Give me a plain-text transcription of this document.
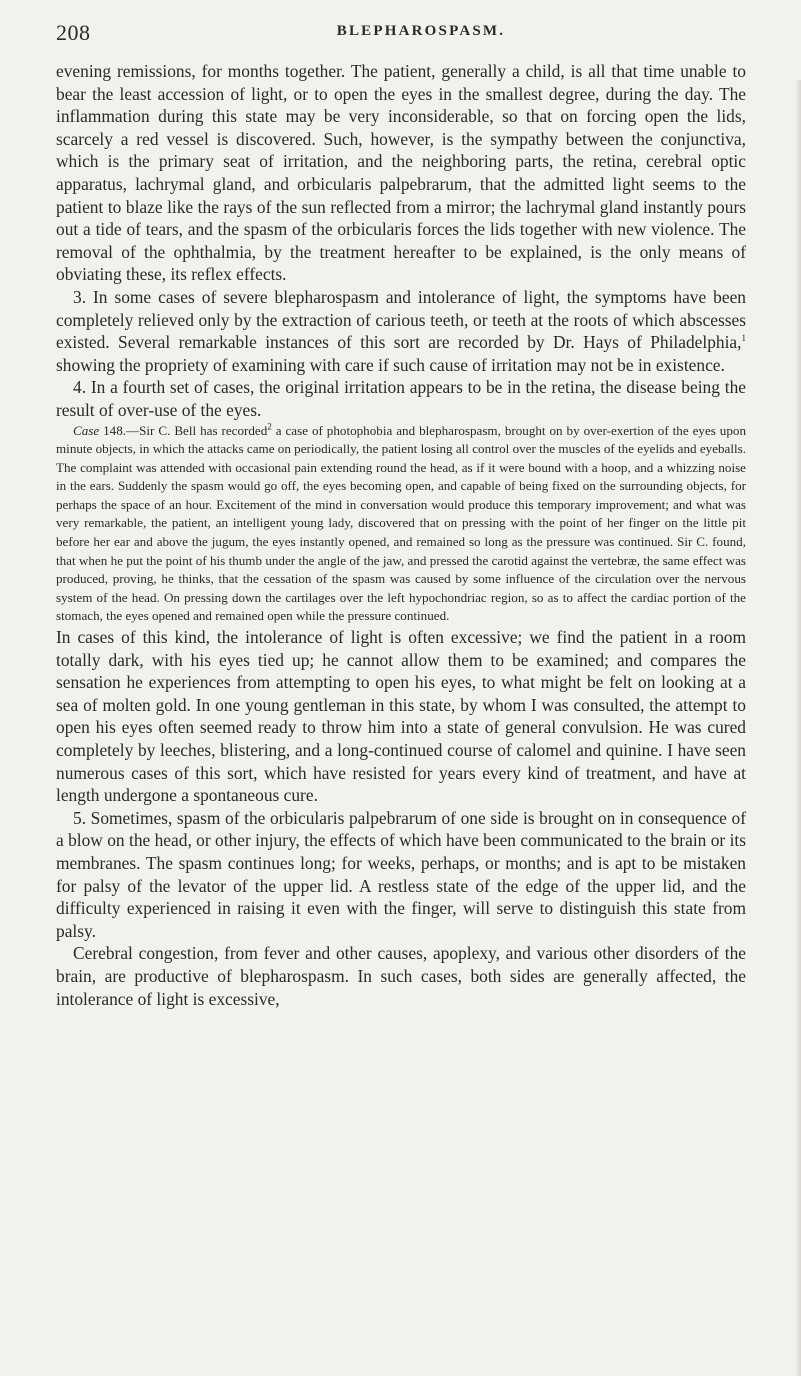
208	BLEPHAROSPASM.

evening remissions, for months together. The patient, generally a child, is all that time unable to bear the least accession of light, or to open the eyes in the smallest degree, during the day. The inflammation during this state may be very inconsiderable, so that on forcing open the lids, scarcely a red vessel is discovered. Such, however, is the sympathy between the conjunctiva, which is the primary seat of irritation, and the neighboring parts, the retina, cerebral optic apparatus, lachrymal gland, and orbicularis palpebrarum, that the admitted light seems to the patient to blaze like the rays of the sun reflected from a mirror; the lachrymal gland instantly pours out a tide of tears, and the spasm of the orbicularis forces the lids together with new violence. The removal of the ophthalmia, by the treatment hereafter to be explained, is the only means of obviating these, its reflex effects.

3. In some cases of severe blepharospasm and intolerance of light, the symptoms have been completely relieved only by the extraction of carious teeth, or teeth at the roots of which abscesses existed. Several remarkable instances of this sort are recorded by Dr. Hays of Philadelphia,$^1$ showing the propriety of examining with care if such cause of irritation may not be in existence.

4. In a fourth set of cases, the original irritation appears to be in the retina, the disease being the result of over-use of the eyes.

Case 148.—Sir C. Bell has recorded$^2$ a case of photophobia and blepharospasm, brought on by over-exertion of the eyes upon minute objects, in which the attacks came on periodically, the patient losing all control over the muscles of the eyelids and eyeballs. The complaint was attended with occasional pain extending round the head, as if it were bound with a hoop, and a whizzing noise in the ears. Suddenly the spasm would go off, the eyes becoming open, and capable of being fixed on the surrounding objects, for perhaps the space of an hour. Excitement of the mind in conversation would produce this temporary improvement; and what was very remarkable, the patient, an intelligent young lady, discovered that on pressing with the point of her finger on the little pit before her ear and above the jugum, the eyes instantly opened, and remained so long as the pressure was continued. Sir C. found, that when he put the point of his thumb under the angle of the jaw, and pressed the carotid against the vertebræ, the same effect was produced, proving, he thinks, that the cessation of the spasm was caused by some influence of the circulation over the nervous system of the head. On pressing down the cartilages over the left hypochondriac region, so as to affect the cardiac portion of the stomach, the eyes opened and remained open while the pressure continued.

In cases of this kind, the intolerance of light is often excessive; we find the patient in a room totally dark, with his eyes tied up; he cannot allow them to be examined; and compares the sensation he experiences from attempting to open his eyes, to what might be felt on looking at a sea of molten gold. In one young gentleman in this state, by whom I was consulted, the attempt to open his eyes often seemed ready to throw him into a state of general convulsion. He was cured completely by leeches, blistering, and a long-continued course of calomel and quinine. I have seen numerous cases of this sort, which have resisted for years every kind of treatment, and have at length undergone a spontaneous cure.

5. Sometimes, spasm of the orbicularis palpebrarum of one side is brought on in consequence of a blow on the head, or other injury, the effects of which have been communicated to the brain or its membranes. The spasm continues long; for weeks, perhaps, or months; and is apt to be mistaken for palsy of the levator of the upper lid. A restless state of the edge of the upper lid, and the difficulty experienced in raising it even with the finger, will serve to distinguish this state from palsy.

Cerebral congestion, from fever and other causes, apoplexy, and various other disorders of the brain, are productive of blepharospasm. In such cases, both sides are generally affected, the intolerance of light is excessive,
